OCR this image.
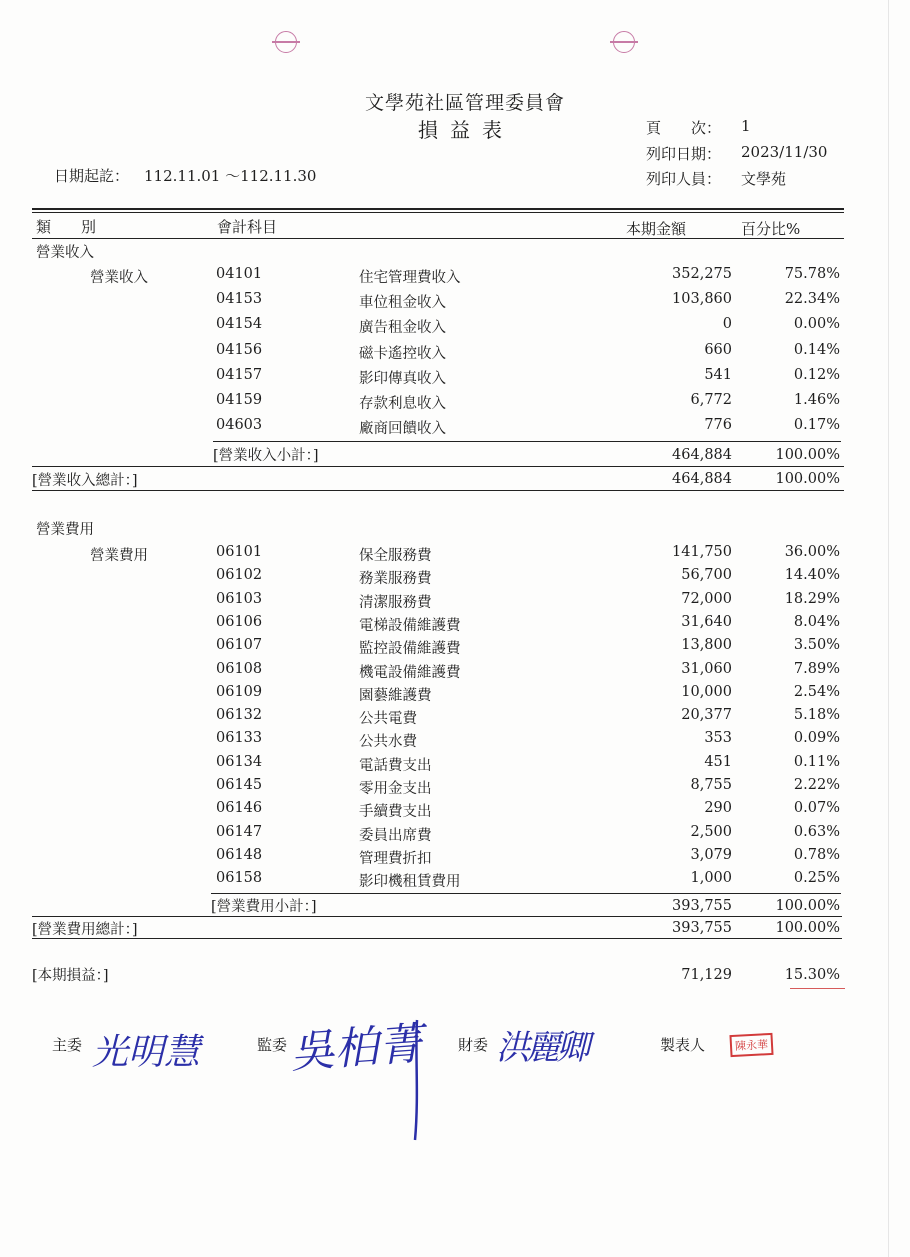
文學苑社區管理委員會
損益表	頁　　次： 1
列印日期： 2023/11/30
列印人員： 文學苑
日期起訖： 112.11.01 ～112.11.30
類　　別	會計科目	本期金額	百分比%
營業收入
營業收入	04101	住宅管理費收入	352,275	75.78%
04153	車位租金收入	103,860	22.34%
04154	廣告租金收入	0	0.00%
04156	磁卡遙控收入	660	0.14%
04157	影印傳真收入	541	0.12%
04159	存款利息收入	6,772	1.46%
04603	廠商回饋收入	776	0.17%
[營業收入小計：]	464,884	100.00%
[營業收入總計：]	464,884	100.00%
營業費用
營業費用	06101	保全服務費	141,750	36.00%
06102	務業服務費	56,700	14.40%
06103	清潔服務費	72,000	18.29%
06106	電梯設備維護費	31,640	8.04%
06107	監控設備維護費	13,800	3.50%
06108	機電設備維護費	31,060	7.89%
06109	園藝維護費	10,000	2.54%
06132	公共電費	20,377	5.18%
06133	公共水費	353	0.09%
06134	電話費支出	451	0.11%
06145	零用金支出	8,755	2.22%
06146	手續費支出	290	0.07%
06147	委員出席費	2,500	0.63%
06148	管理費折扣	3,079	0.78%
06158	影印機租賃費用	1,000	0.25%
[營業費用小計：]	393,755	100.00%
[營業費用總計：]	393,755	100.00%
[本期損益：]	71,129	15.30%
主委 光明慧	監委 吳柏菁 財委 洪麗卿	製表人	陳永華
